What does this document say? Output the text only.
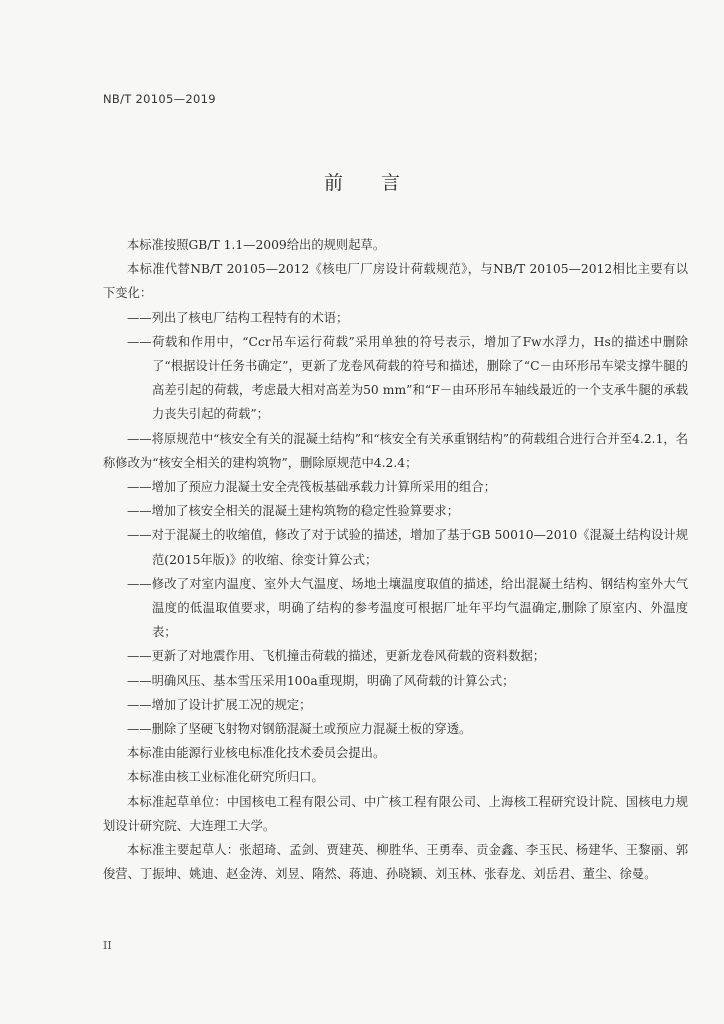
NB/T 20105—2019
前言

本标准按照GB/T 1.1—2009给出的规则起草。

本标准代替NB/T 20105—2012《核电厂厂房设计荷载规范》，与NB/T 20105—2012相比主要有以下变化：

——列出了核电厂结构工程特有的术语；

——荷载和作用中，“Ccr吊车运行荷载”采用单独的符号表示，增加了Fw水浮力，Hs的描述中删除了“根据设计任务书确定”，更新了龙卷风荷载的符号和描述，删除了“C－由环形吊车梁支撑牛腿的高差引起的荷载，考虑最大相对高差为50 mm”和“F－由环形吊车轴线最近的一个支承牛腿的承载力丧失引起的荷载”；

——将原规范中“核安全有关的混凝土结构”和“核安全有关承重钢结构”的荷载组合进行合并至4.2.1，名称修改为“核安全相关的建构筑物”，删除原规范中4.2.4；

——增加了预应力混凝土安全壳筏板基础承载力计算所采用的组合；

——增加了核安全相关的混凝土建构筑物的稳定性验算要求；

——对于混凝土的收缩值，修改了对于试验的描述，增加了基于GB 50010—2010《混凝土结构设计规范(2015年版)》的收缩、徐变计算公式；

——修改了对室内温度、室外大气温度、场地土壤温度取值的描述，给出混凝土结构、钢结构室外大气温度的低温取值要求，明确了结构的参考温度可根据厂址年平均气温确定,删除了原室内、外温度表；

——更新了对地震作用、飞机撞击荷载的描述，更新龙卷风荷载的资料数据；

——明确风压、基本雪压采用100a重现期，明确了风荷载的计算公式；

——增加了设计扩展工况的规定；

——删除了坚硬飞射物对钢筋混凝土或预应力混凝土板的穿透。

本标准由能源行业核电标准化技术委员会提出。

本标准由核工业标准化研究所归口。

本标准起草单位：中国核电工程有限公司、中广核工程有限公司、上海核工程研究设计院、国核电力规划设计研究院、大连理工大学。

本标准主要起草人：张超琦、孟剑、贾建英、柳胜华、王勇奉、贡金鑫、李玉民、杨建华、王黎丽、郭俊营、丁振坤、姚迪、赵金涛、刘昱、隋然、蒋迪、孙晓颖、刘玉林、张春龙、刘岳君、董尘、徐曼。

II
